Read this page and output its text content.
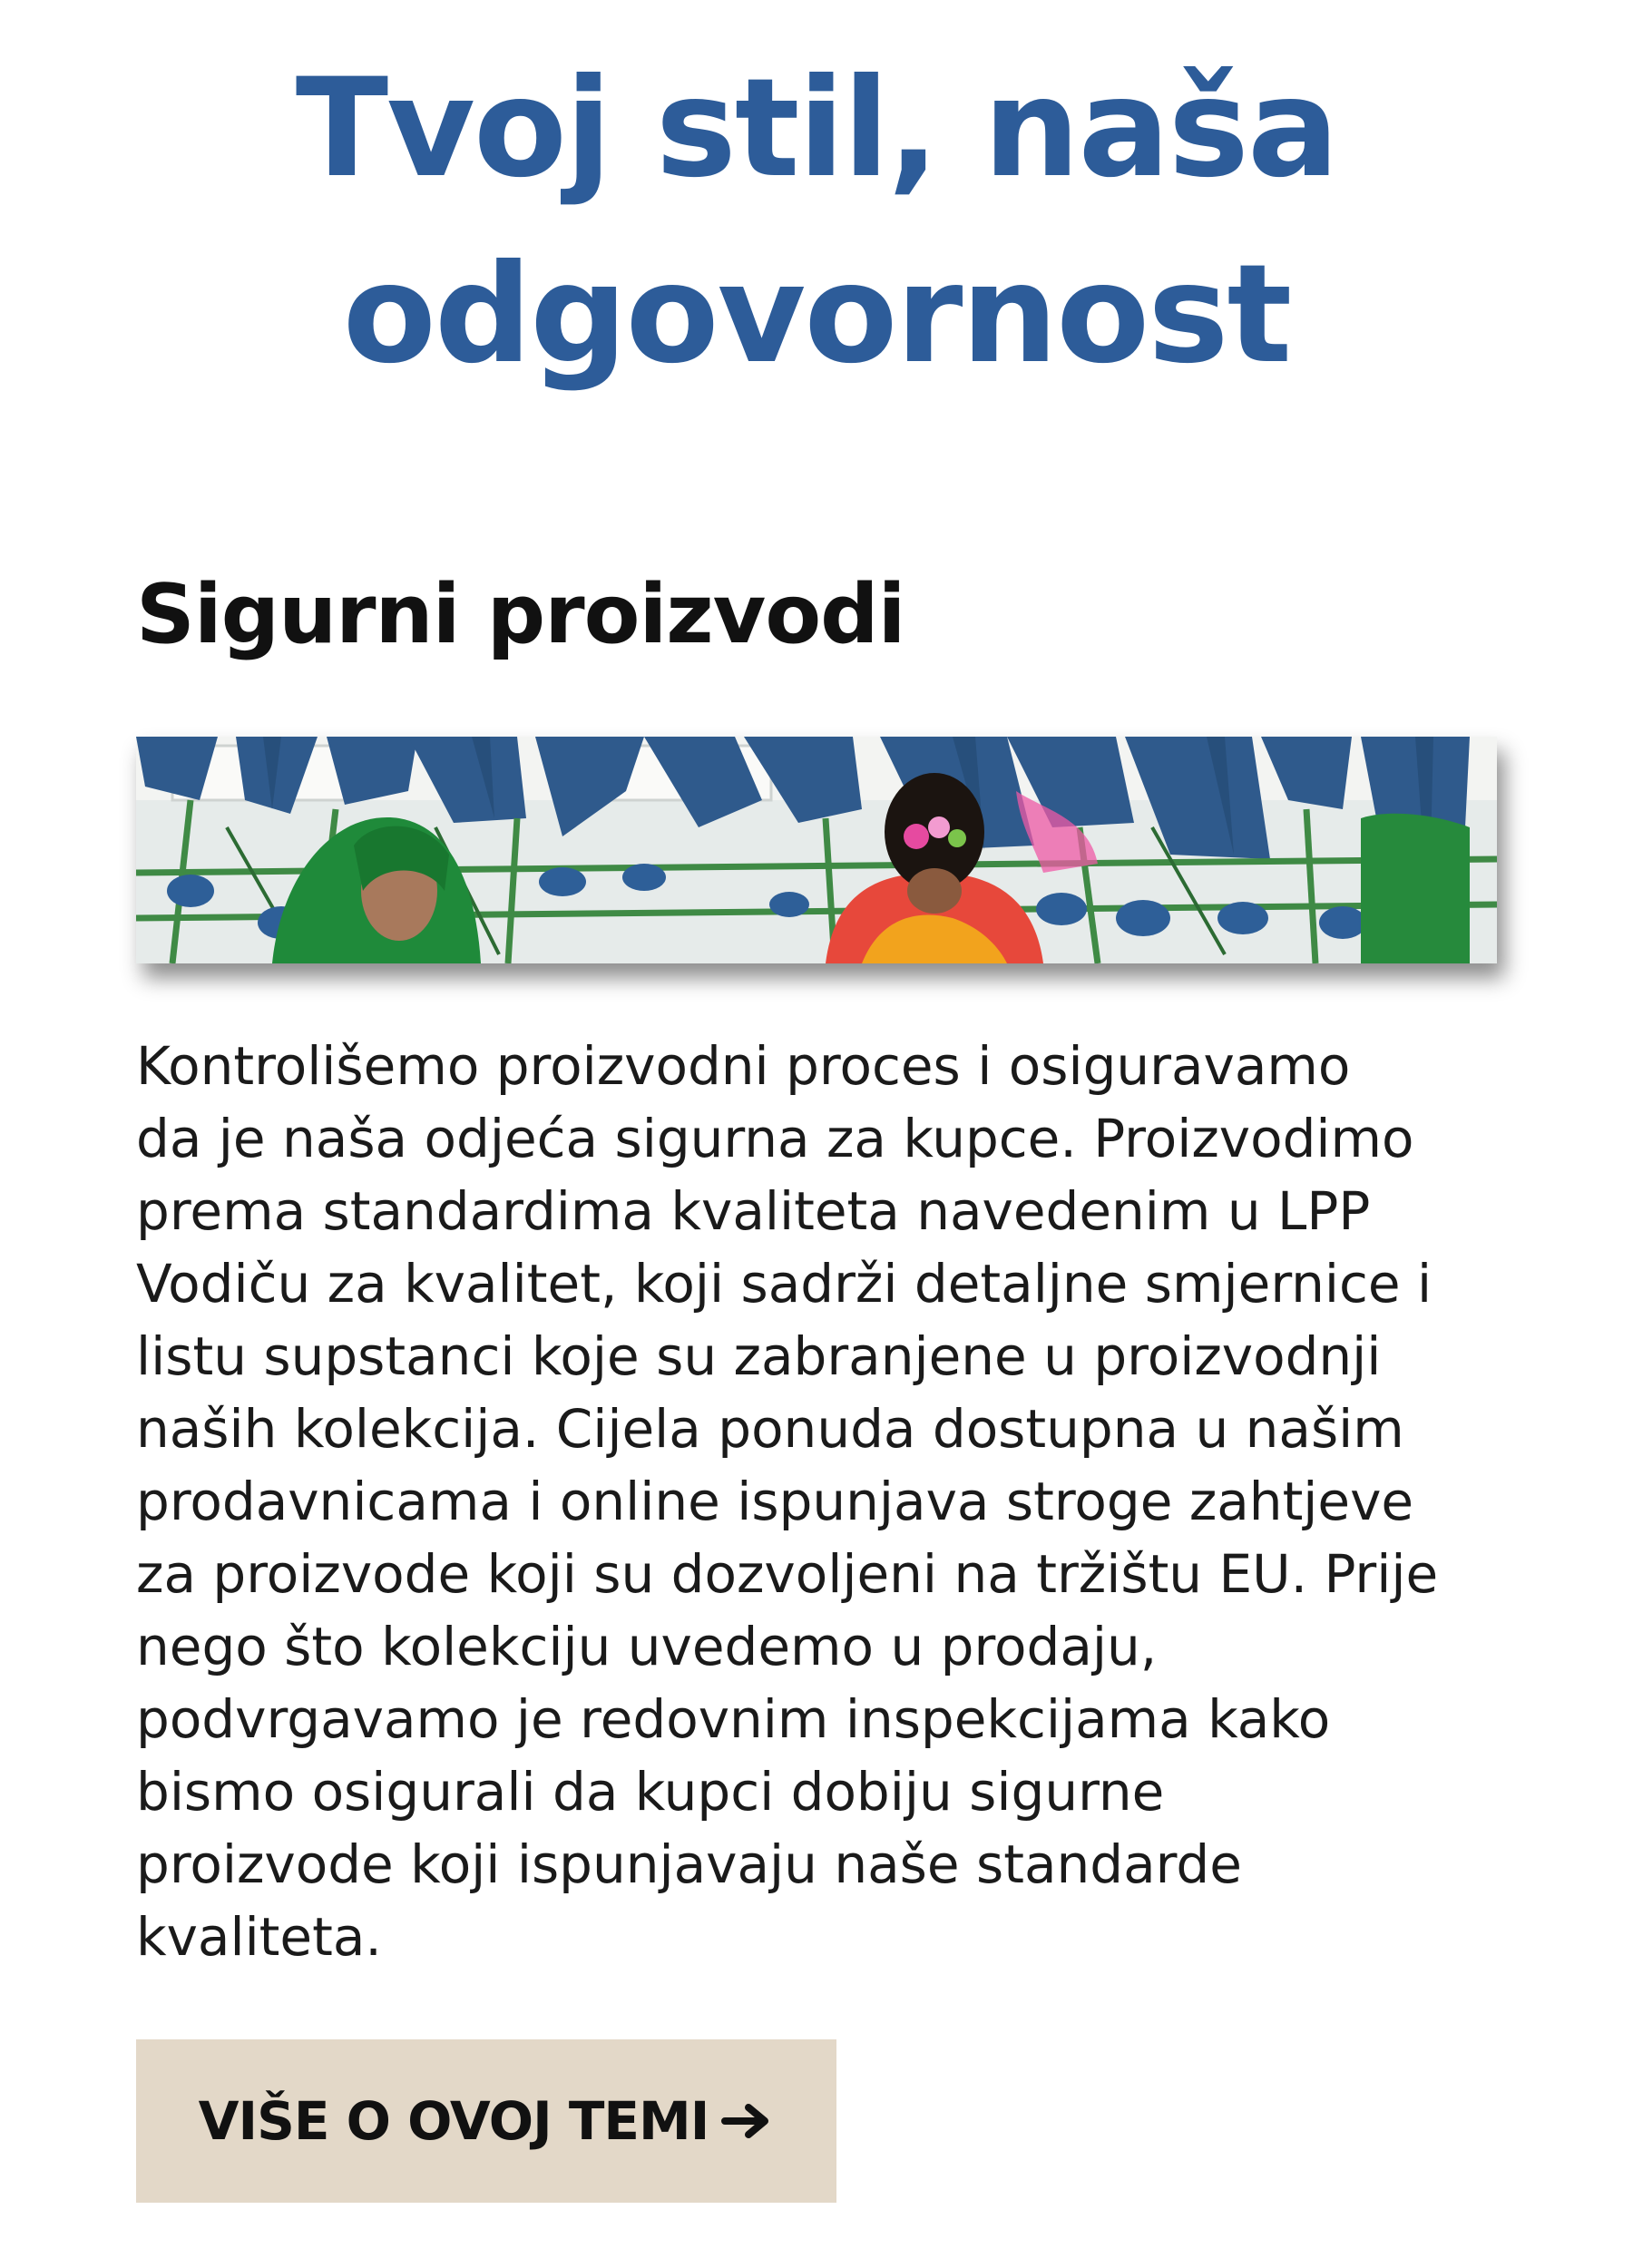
Tvoj stil, naša
odgovornost
Sigurni proizvodi

Kontrolišemo proizvodni proces i osiguravamo
da je naša odjeća sigurna za kupce. Proizvodimo
prema standardima kvaliteta navedenim u LPP
Vodiču za kvalitet, koji sadrži detaljne smjernice i
listu supstanci koje su zabranjene u proizvodnji
naših kolekcija. Cijela ponuda dostupna u našim
prodavnicama i online ispunjava stroge zahtjeve
za proizvode koji su dozvoljeni na tržištu EU. Prije
nego što kolekciju uvedemo u prodaju,
podvrgavamo je redovnim inspekcijama kako
bismo osigurali da kupci dobiju sigurne
proizvode koji ispunjavaju naše standarde
kvaliteta.

VIŠE O OVOJ TEMI
